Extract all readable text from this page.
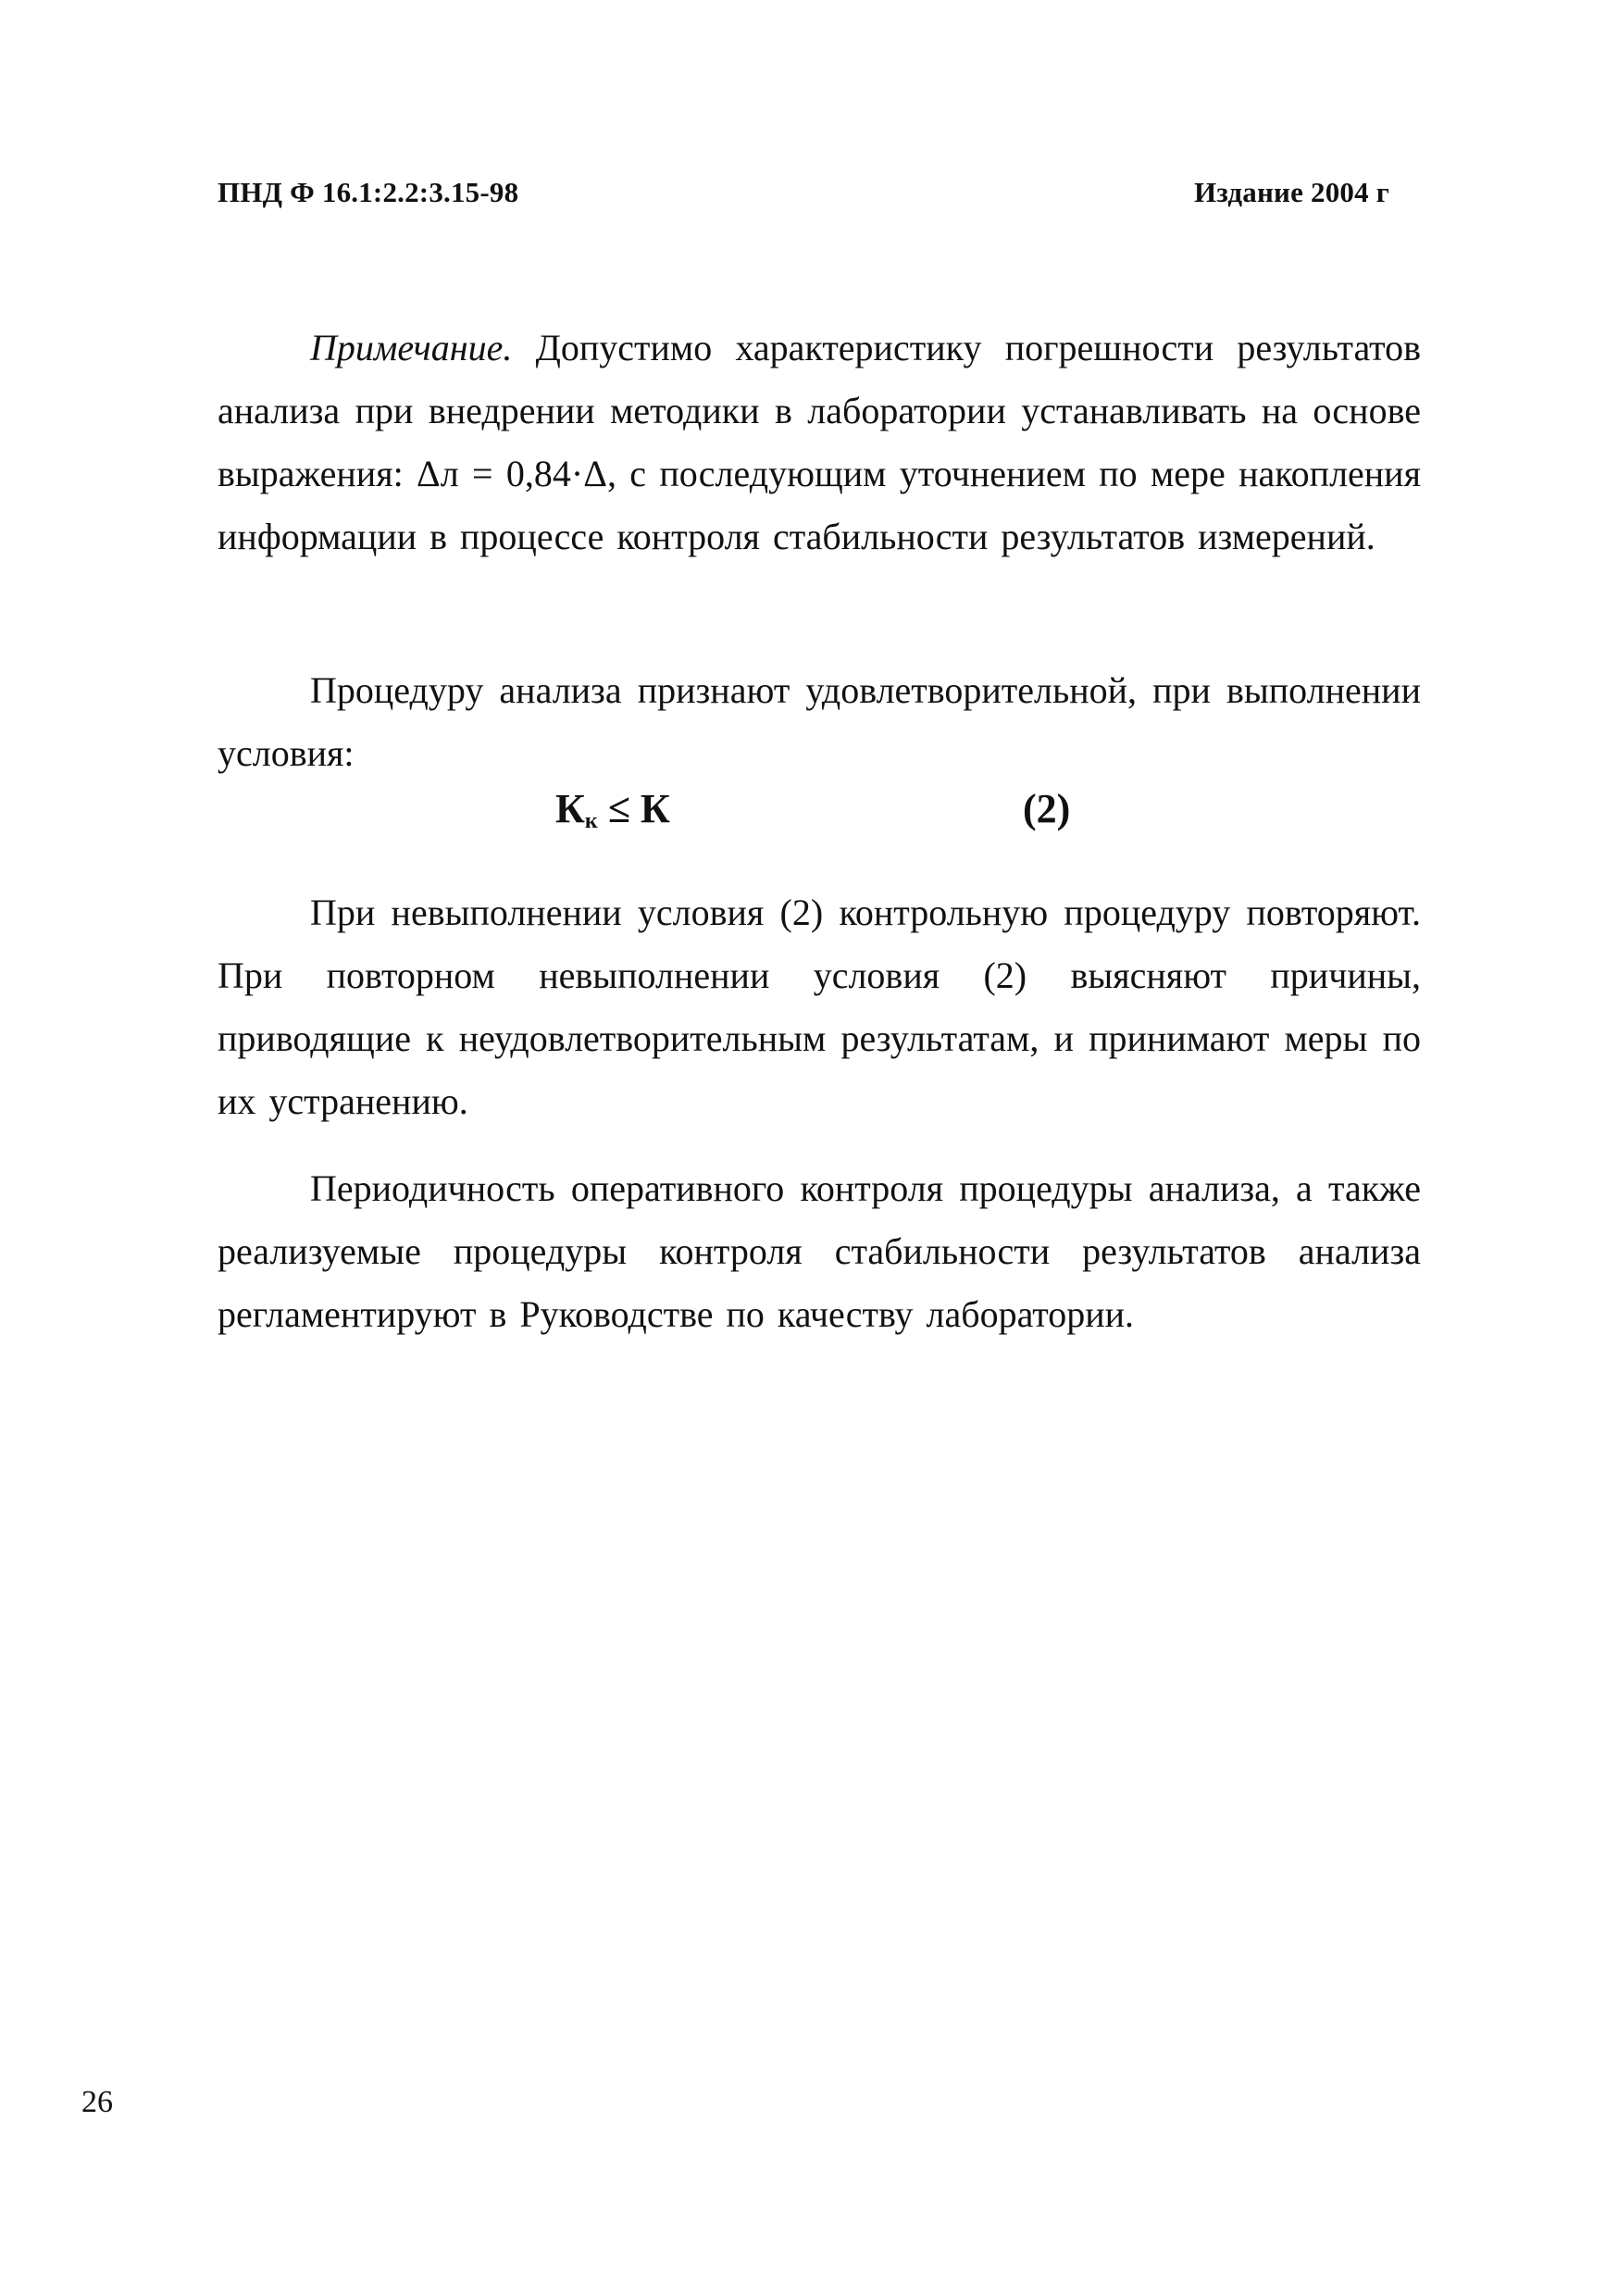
ПНД Ф 16.1:2.2:3.15-98	Издание 2004 г
Примечание. Допустимо характеристику погрешности результатов анализа при внедрении методики в лаборатории устанавливать на основе выражения: Δл = 0,84·Δ, с последующим уточнением по мере накопления информации в процессе контроля стабильности результатов измерений.
Процедуру анализа признают удовлетворительной, при выполнении условия:
$К_к \le К$	(2)
При невыполнении условия (2) контрольную процедуру повторяют. При повторном невыполнении условия (2) выясняют причины, приводящие к неудовлетворительным результатам, и принимают меры по их устранению.
Периодичность оперативного контроля процедуры анализа, а также реализуемые процедуры контроля стабильности результатов анализа регламентируют в Руководстве по качеству лаборатории.
26
